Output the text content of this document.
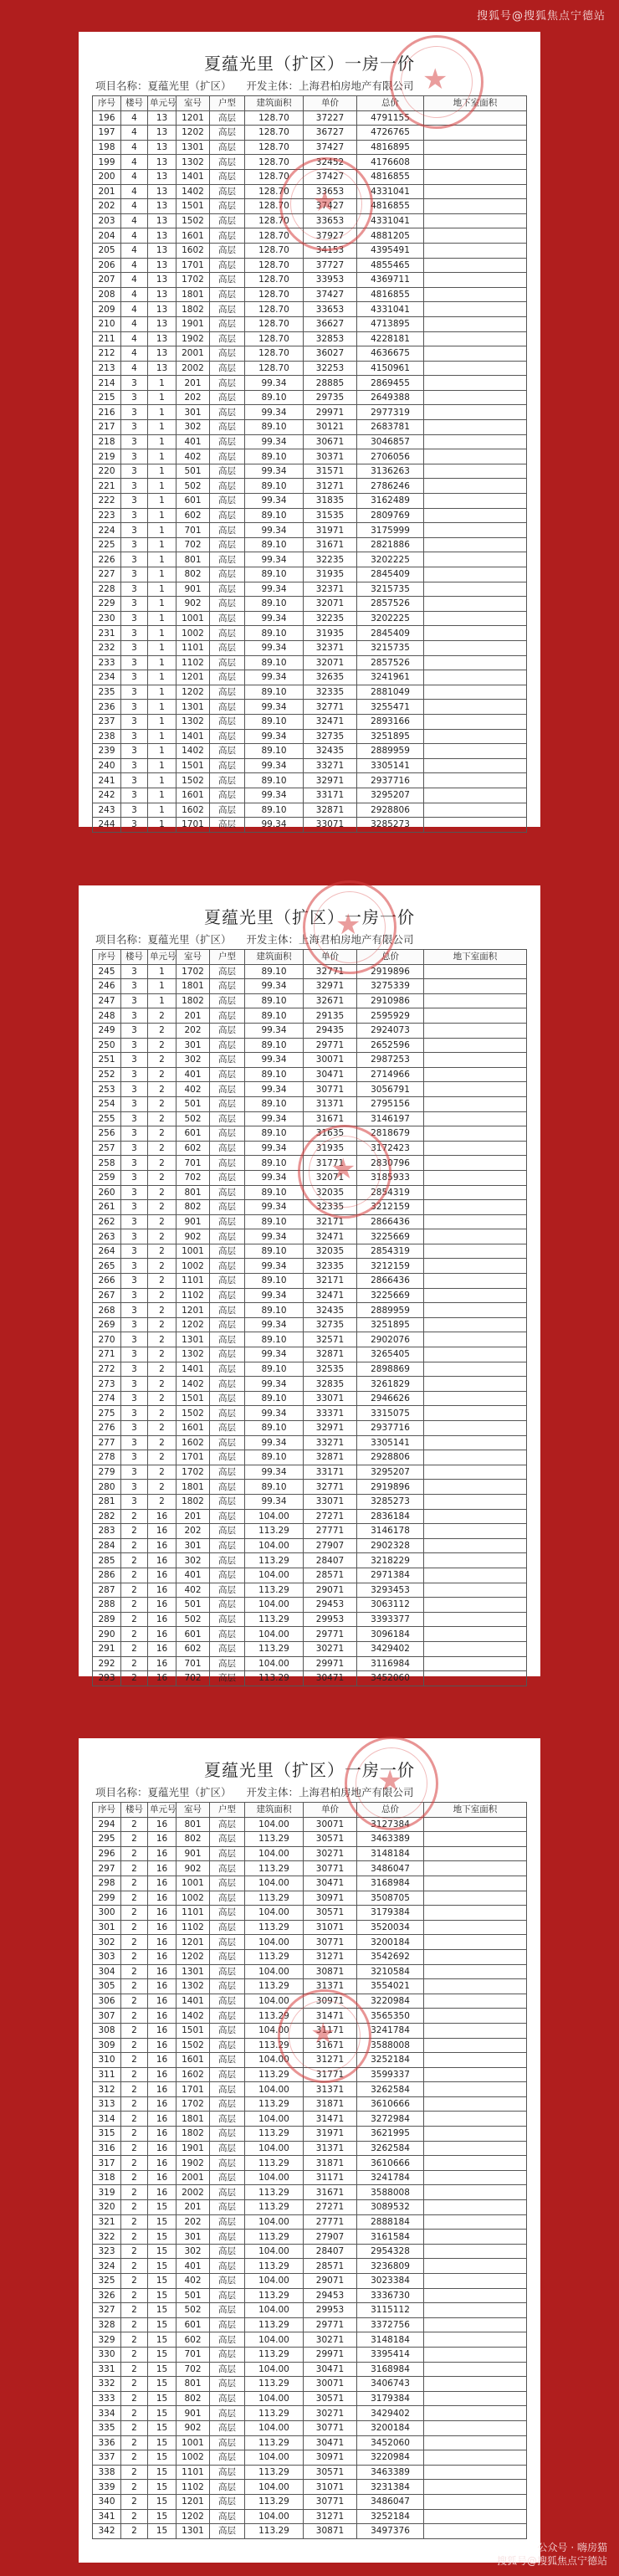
搜狐号@搜狐焦点宁德站
★
★
夏蕴光里（扩区）一房一价
项目名称：夏蕴光里（扩区） 开发主体：上海君柏房地产有限公司
序号	楼号	单元号	室号	户型	建筑面积	单价	总价	地下室面积
196	4	13	1201	高层	128.70	37227	4791155	
197	4	13	1202	高层	128.70	36727	4726765	
198	4	13	1301	高层	128.70	37427	4816895	
199	4	13	1302	高层	128.70	32452	4176608	
200	4	13	1401	高层	128.70	37427	4816855	
201	4	13	1402	高层	128.70	33653	4331041	
202	4	13	1501	高层	128.70	37427	4816855	
203	4	13	1502	高层	128.70	33653	4331041	
204	4	13	1601	高层	128.70	37927	4881205	
205	4	13	1602	高层	128.70	34153	4395491	
206	4	13	1701	高层	128.70	37727	4855465	
207	4	13	1702	高层	128.70	33953	4369711	
208	4	13	1801	高层	128.70	37427	4816855	
209	4	13	1802	高层	128.70	33653	4331041	
210	4	13	1901	高层	128.70	36627	4713895	
211	4	13	1902	高层	128.70	32853	4228181	
212	4	13	2001	高层	128.70	36027	4636675	
213	4	13	2002	高层	128.70	32253	4150961	
214	3	1	201	高层	99.34	28885	2869455	
215	3	1	202	高层	89.10	29735	2649388	
216	3	1	301	高层	99.34	29971	2977319	
217	3	1	302	高层	89.10	30121	2683781	
218	3	1	401	高层	99.34	30671	3046857	
219	3	1	402	高层	89.10	30371	2706056	
220	3	1	501	高层	99.34	31571	3136263	
221	3	1	502	高层	89.10	31271	2786246	
222	3	1	601	高层	99.34	31835	3162489	
223	3	1	602	高层	89.10	31535	2809769	
224	3	1	701	高层	99.34	31971	3175999	
225	3	1	702	高层	89.10	31671	2821886	
226	3	1	801	高层	99.34	32235	3202225	
227	3	1	802	高层	89.10	31935	2845409	
228	3	1	901	高层	99.34	32371	3215735	
229	3	1	902	高层	89.10	32071	2857526	
230	3	1	1001	高层	99.34	32235	3202225	
231	3	1	1002	高层	89.10	31935	2845409	
232	3	1	1101	高层	99.34	32371	3215735	
233	3	1	1102	高层	89.10	32071	2857526	
234	3	1	1201	高层	99.34	32635	3241961	
235	3	1	1202	高层	89.10	32335	2881049	
236	3	1	1301	高层	99.34	32771	3255471	
237	3	1	1302	高层	89.10	32471	2893166	
238	3	1	1401	高层	99.34	32735	3251895	
239	3	1	1402	高层	89.10	32435	2889959	
240	3	1	1501	高层	99.34	33271	3305141	
241	3	1	1502	高层	89.10	32971	2937716	
242	3	1	1601	高层	99.34	33171	3295207	
243	3	1	1602	高层	89.10	32871	2928806	
244	3	1	1701	高层	99.34	33071	3285273	
★
★
夏蕴光里（扩区）一房一价
项目名称：夏蕴光里（扩区） 开发主体：上海君柏房地产有限公司
序号	楼号	单元号	室号	户型	建筑面积	单价	总价	地下室面积
245	3	1	1702	高层	89.10	32771	2919896	
246	3	1	1801	高层	99.34	32971	3275339	
247	3	1	1802	高层	89.10	32671	2910986	
248	3	2	201	高层	89.10	29135	2595929	
249	3	2	202	高层	99.34	29435	2924073	
250	3	2	301	高层	89.10	29771	2652596	
251	3	2	302	高层	99.34	30071	2987253	
252	3	2	401	高层	89.10	30471	2714966	
253	3	2	402	高层	99.34	30771	3056791	
254	3	2	501	高层	89.10	31371	2795156	
255	3	2	502	高层	99.34	31671	3146197	
256	3	2	601	高层	89.10	31635	2818679	
257	3	2	602	高层	99.34	31935	3172423	
258	3	2	701	高层	89.10	31771	2830796	
259	3	2	702	高层	99.34	32071	3185933	
260	3	2	801	高层	89.10	32035	2854319	
261	3	2	802	高层	99.34	32335	3212159	
262	3	2	901	高层	89.10	32171	2866436	
263	3	2	902	高层	99.34	32471	3225669	
264	3	2	1001	高层	89.10	32035	2854319	
265	3	2	1002	高层	99.34	32335	3212159	
266	3	2	1101	高层	89.10	32171	2866436	
267	3	2	1102	高层	99.34	32471	3225669	
268	3	2	1201	高层	89.10	32435	2889959	
269	3	2	1202	高层	99.34	32735	3251895	
270	3	2	1301	高层	89.10	32571	2902076	
271	3	2	1302	高层	99.34	32871	3265405	
272	3	2	1401	高层	89.10	32535	2898869	
273	3	2	1402	高层	99.34	32835	3261829	
274	3	2	1501	高层	89.10	33071	2946626	
275	3	2	1502	高层	99.34	33371	3315075	
276	3	2	1601	高层	89.10	32971	2937716	
277	3	2	1602	高层	99.34	33271	3305141	
278	3	2	1701	高层	89.10	32871	2928806	
279	3	2	1702	高层	99.34	33171	3295207	
280	3	2	1801	高层	89.10	32771	2919896	
281	3	2	1802	高层	99.34	33071	3285273	
282	2	16	201	高层	104.00	27271	2836184	
283	2	16	202	高层	113.29	27771	3146178	
284	2	16	301	高层	104.00	27907	2902328	
285	2	16	302	高层	113.29	28407	3218229	
286	2	16	401	高层	104.00	28571	2971384	
287	2	16	402	高层	113.29	29071	3293453	
288	2	16	501	高层	104.00	29453	3063112	
289	2	16	502	高层	113.29	29953	3393377	
290	2	16	601	高层	104.00	29771	3096184	
291	2	16	602	高层	113.29	30271	3429402	
292	2	16	701	高层	104.00	29971	3116984	
293	2	16	702	高层	113.29	30471	3452060	
★
★
夏蕴光里（扩区）一房一价
项目名称：夏蕴光里（扩区） 开发主体：上海君柏房地产有限公司
序号	楼号	单元号	室号	户型	建筑面积	单价	总价	地下室面积
294	2	16	801	高层	104.00	30071	3127384	
295	2	16	802	高层	113.29	30571	3463389	
296	2	16	901	高层	104.00	30271	3148184	
297	2	16	902	高层	113.29	30771	3486047	
298	2	16	1001	高层	104.00	30471	3168984	
299	2	16	1002	高层	113.29	30971	3508705	
300	2	16	1101	高层	104.00	30571	3179384	
301	2	16	1102	高层	113.29	31071	3520034	
302	2	16	1201	高层	104.00	30771	3200184	
303	2	16	1202	高层	113.29	31271	3542692	
304	2	16	1301	高层	104.00	30871	3210584	
305	2	16	1302	高层	113.29	31371	3554021	
306	2	16	1401	高层	104.00	30971	3220984	
307	2	16	1402	高层	113.29	31471	3565350	
308	2	16	1501	高层	104.00	31171	3241784	
309	2	16	1502	高层	113.29	31671	3588008	
310	2	16	1601	高层	104.00	31271	3252184	
311	2	16	1602	高层	113.29	31771	3599337	
312	2	16	1701	高层	104.00	31371	3262584	
313	2	16	1702	高层	113.29	31871	3610666	
314	2	16	1801	高层	104.00	31471	3272984	
315	2	16	1802	高层	113.29	31971	3621995	
316	2	16	1901	高层	104.00	31371	3262584	
317	2	16	1902	高层	113.29	31871	3610666	
318	2	16	2001	高层	104.00	31171	3241784	
319	2	16	2002	高层	113.29	31671	3588008	
320	2	15	201	高层	113.29	27271	3089532	
321	2	15	202	高层	104.00	27771	2888184	
322	2	15	301	高层	113.29	27907	3161584	
323	2	15	302	高层	104.00	28407	2954328	
324	2	15	401	高层	113.29	28571	3236809	
325	2	15	402	高层	104.00	29071	3023384	
326	2	15	501	高层	113.29	29453	3336730	
327	2	15	502	高层	104.00	29953	3115112	
328	2	15	601	高层	113.29	29771	3372756	
329	2	15	602	高层	104.00	30271	3148184	
330	2	15	701	高层	113.29	29971	3395414	
331	2	15	702	高层	104.00	30471	3168984	
332	2	15	801	高层	113.29	30071	3406743	
333	2	15	802	高层	104.00	30571	3179384	
334	2	15	901	高层	113.29	30271	3429402	
335	2	15	902	高层	104.00	30771	3200184	
336	2	15	1001	高层	113.29	30471	3452060	
337	2	15	1002	高层	104.00	30971	3220984	
338	2	15	1101	高层	113.29	30571	3463389	
339	2	15	1102	高层	104.00	31071	3231384	
340	2	15	1201	高层	113.29	30771	3486047	
341	2	15	1202	高层	104.00	31271	3252184	
342	2	15	1301	高层	113.29	30871	3497376	
公众号 · 嗨房猫
搜狐号@搜狐焦点宁德站
